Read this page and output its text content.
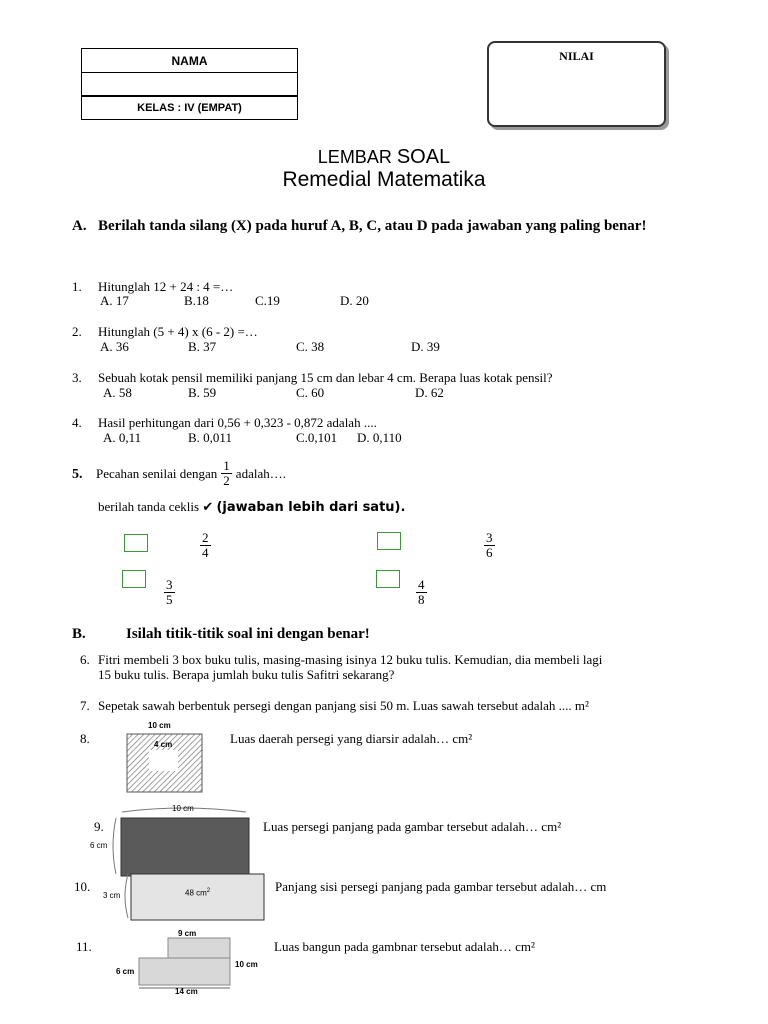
NAMA
KELAS : IV (EMPAT)
NILAI
LEMBAR SOAL
Remedial Matematika
A. Berilah tanda silang (X) pada huruf A, B, C, atau D pada jawaban yang paling benar!
1. Hitunglah 12 + 24 : 4 =…
A. 17	B.18	C.19	D. 20
2. Hitunglah (5 + 4) x (6 - 2) =…
A. 36	B. 37	C. 38	D. 39
3. Sebuah kotak pensil memiliki panjang 15 cm dan lebar 4 cm. Berapa luas kotak pensil?
A. 58	B. 59	C. 60	D. 62
4. Hasil perhitungan dari 0,56 + 0,323 - 0,872 adalah ....
A. 0,11	B. 0,011	C.0,101 D. 0,110
5. Pecahan senilai dengan $\frac{1}{2}$ adalah….
berilah tanda ceklis ✔ (jawaban lebih dari satu).
$\frac{2}{4}$	$\frac{3}{6}$
$\frac{3}{5}$	$\frac{4}{8}$
B.	Isilah titik-titik soal ini dengan benar!
6. Fitri membeli 3 box buku tulis, masing-masing isinya 12 buku tulis. Kemudian, dia membeli lagi
15 buku tulis. Berapa jumlah buku tulis Safitri sekarang?
7. Sepetak sawah berbentuk persegi dengan panjang sisi 50 m. Luas sawah tersebut adalah .... m²
8.	Luas daerah persegi yang diarsir adalah… cm²
10 cm
4 cm
9.	Luas persegi panjang pada gambar tersebut adalah… cm²
10 cm
6 cm
10.	Panjang sisi persegi panjang pada gambar tersebut adalah… cm
3 cm	48 $cm^2$
11.	Luas bangun pada gambnar tersebut adalah… cm²
9 cm
10 cm
6 cm
14 cm
